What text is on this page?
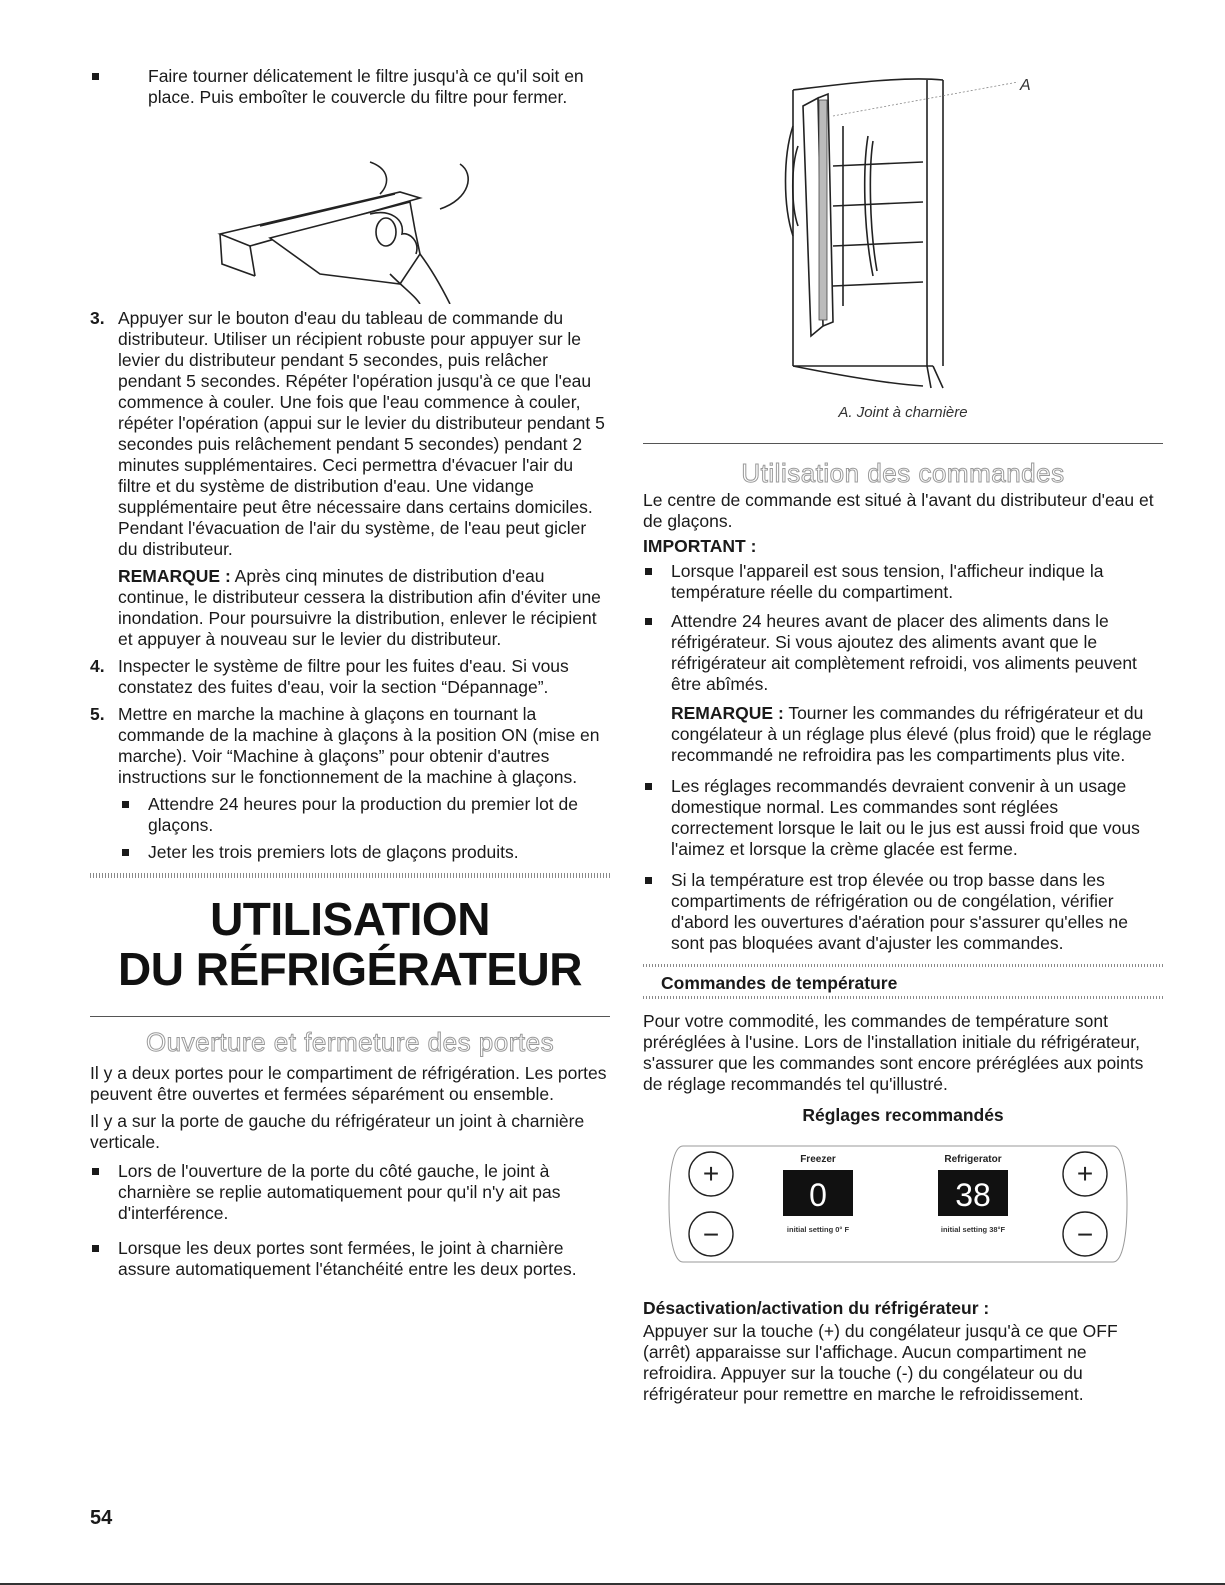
Faire tourner délicatement le filtre jusqu'à ce qu'il soit en place. Puis emboîter le couvercle du filtre pour fermer.

3. Appuyer sur le bouton d'eau du tableau de commande du distributeur. Utiliser un récipient robuste pour appuyer sur le levier du distributeur pendant 5 secondes, puis relâcher pendant 5 secondes. Répéter l'opération jusqu'à ce que l'eau commence à couler. Une fois que l'eau commence à couler, répéter l'opération (appui sur le levier du distributeur pendant 5 secondes puis relâchement pendant 5 secondes) pendant 2 minutes supplémentaires. Ceci permettra d'évacuer l'air du filtre et du système de distribution d'eau. Une vidange supplémentaire peut être nécessaire dans certains domiciles. Pendant l'évacuation de l'air du système, de l'eau peut gicler du distributeur.

REMARQUE : Après cinq minutes de distribution d'eau continue, le distributeur cessera la distribution afin d'éviter une inondation. Pour poursuivre la distribution, enlever le récipient et appuyer à nouveau sur le levier du distributeur.

4. Inspecter le système de filtre pour les fuites d'eau. Si vous constatez des fuites d'eau, voir la section “Dépannage”.

5. Mettre en marche la machine à glaçons en tournant la commande de la machine à glaçons à la position ON (mise en marche). Voir “Machine à glaçons” pour obtenir d'autres instructions sur le fonctionnement de la machine à glaçons.

Attendre 24 heures pour la production du premier lot de glaçons.

Jeter les trois premiers lots de glaçons produits.

UTILISATION
DU RÉFRIGÉRATEUR
Ouverture et fermeture des portes

Il y a deux portes pour le compartiment de réfrigération. Les portes peuvent être ouvertes et fermées séparément ou ensemble.

Il y a sur la porte de gauche du réfrigérateur un joint à charnière verticale.

Lors de l'ouverture de la porte du côté gauche, le joint à charnière se replie automatiquement pour qu'il n'y ait pas d'interférence.

Lorsque les deux portes sont fermées, le joint à charnière assure automatiquement l'étanchéité entre les deux portes.

A

A. Joint à charnière

Utilisation des commandes

Le centre de commande est situé à l'avant du distributeur d'eau et de glaçons.

IMPORTANT :

Lorsque l'appareil est sous tension, l'afficheur indique la température réelle du compartiment.

Attendre 24 heures avant de placer des aliments dans le réfrigérateur. Si vous ajoutez des aliments avant que le réfrigérateur ait complètement refroidi, vos aliments peuvent être abîmés.

REMARQUE : Tourner les commandes du réfrigérateur et du congélateur à un réglage plus élevé (plus froid) que le réglage recommandé ne refroidira pas les compartiments plus vite.

Les réglages recommandés devraient convenir à un usage domestique normal. Les commandes sont réglées correctement lorsque le lait ou le jus est aussi froid que vous l'aimez et lorsque la crème glacée est ferme.

Si la température est trop élevée ou trop basse dans les compartiments de réfrigération ou de congélation, vérifier d'abord les ouvertures d'aération pour s'assurer qu'elles ne sont pas bloquées avant d'ajuster les commandes.

Commandes de température

Pour votre commodité, les commandes de température sont préréglées à l'usine. Lors de l'installation initiale du réfrigérateur, s'assurer que les commandes sont encore préréglées aux points de réglage recommandés tel qu'illustré.

Réglages recommandés

+
−
+
−
Freezer	Refrigerator
0	38
initial setting 0° F	initial setting 38°F

Désactivation/activation du réfrigérateur :

Appuyer sur la touche (+) du congélateur jusqu'à ce que OFF (arrêt) apparaisse sur l'affichage. Aucun compartiment ne refroidira. Appuyer sur la touche (-) du congélateur ou du réfrigérateur pour remettre en marche le refroidissement.

54
